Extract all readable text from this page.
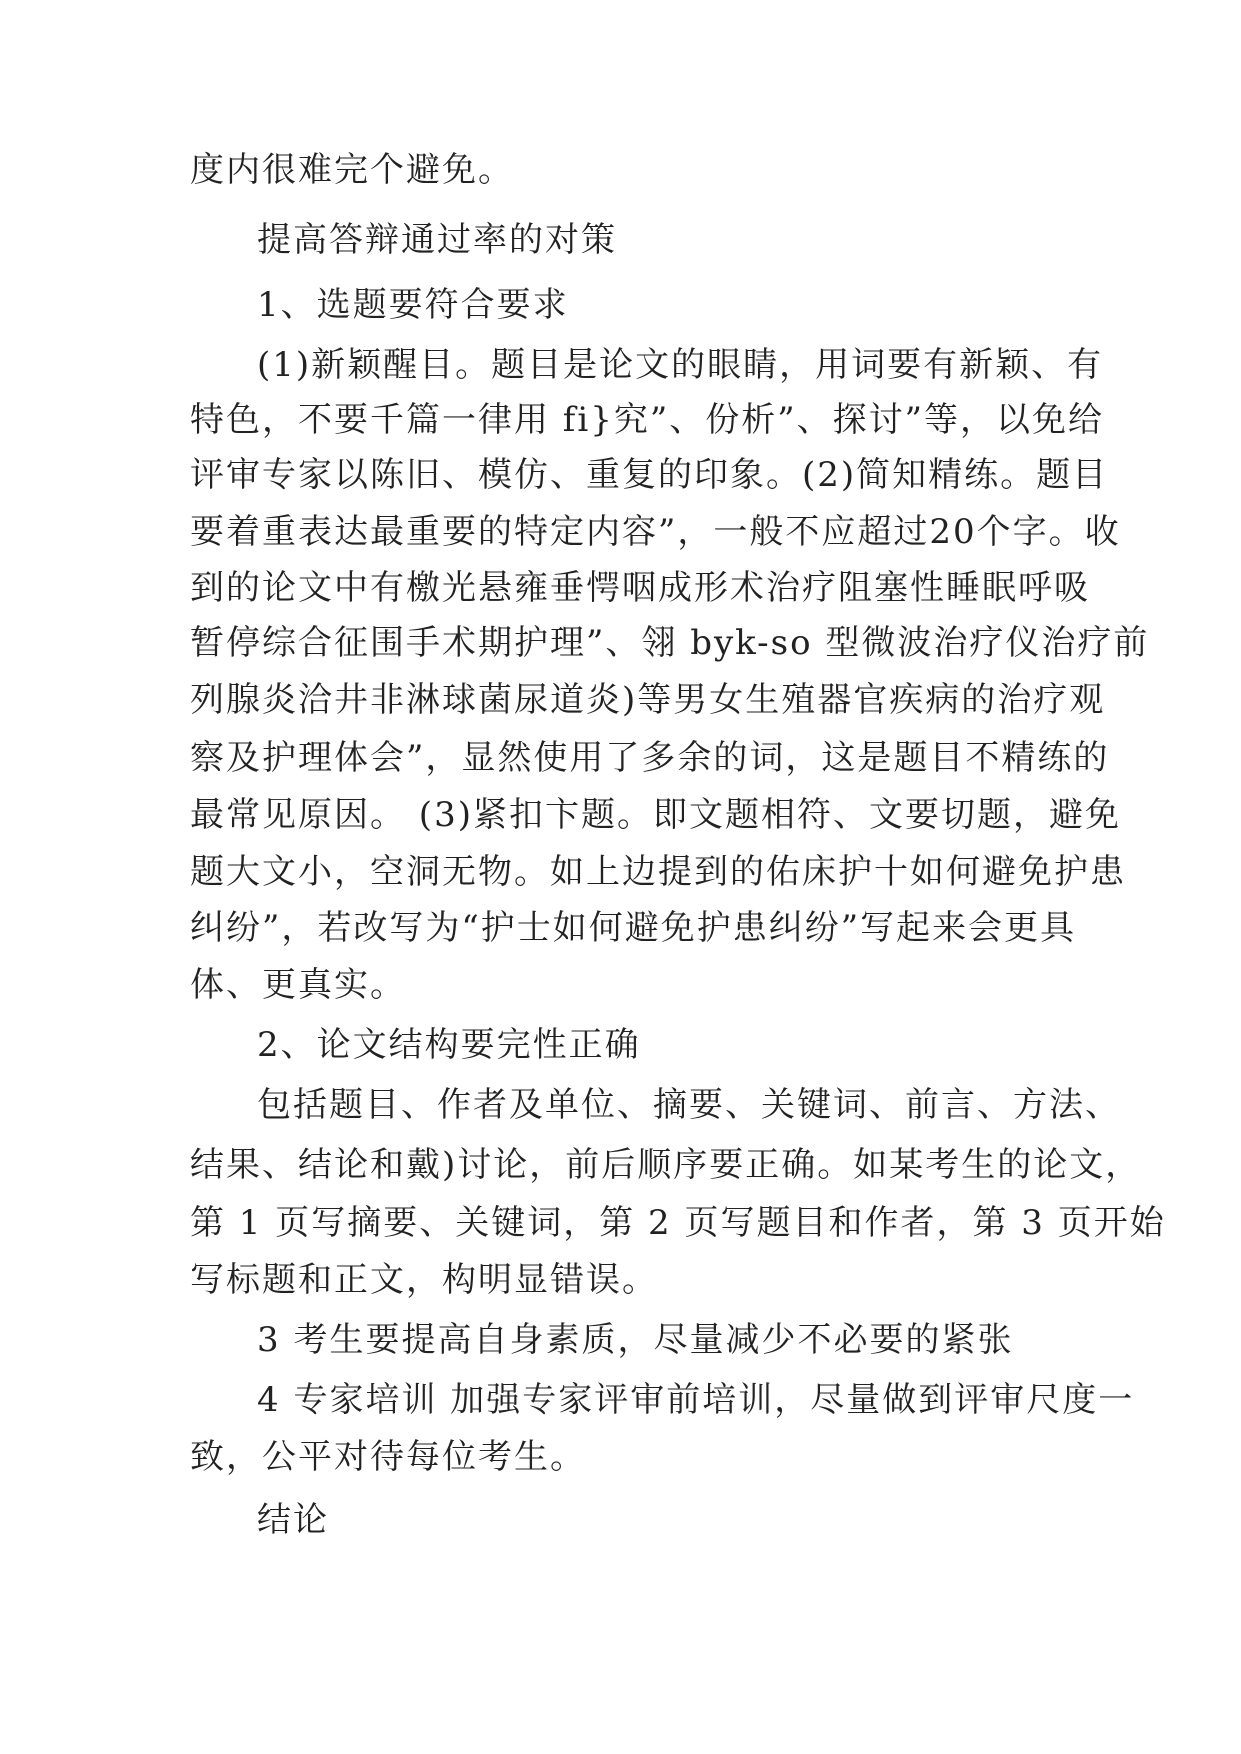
度内很难完个避免。

提高答辩通过率的对策

1、选题要符合要求

(1)新颖醒目。题目是论文的眼睛，用词要有新颖、有

特色，不要千篇一律用 fi}究”、份析”、探讨”等，以免给

评审专家以陈旧、模仿、重复的印象。(2)简知精练。题目

要着重表达最重要的特定内容”，一般不应超过20个字。收

到的论文中有檄光悬雍垂愕咽成形术治疗阻塞性睡眠呼吸

暂停综合征围手术期护理”、翎 byk-so 型微波治疗仪治疗前

列腺炎洽井非淋球菌尿道炎)等男女生殖器官疾病的治疗观

察及护理体会”，显然使用了多余的词，这是题目不精练的

最常见原因。 (3)紧扣卞题。即文题相符、文要切题，避免

题大文小，空洞无物。如上边提到的佑床护十如何避免护患

纠纷”，若改写为“护士如何避免护患纠纷”写起来会更具

体、更真实。

2、论文结构要完性正确

包括题目、作者及单位、摘要、关键词、前言、方法、

结果、结论和戴)讨论，前后顺序要正确。如某考生的论文，

第 1 页写摘要、关键词，第 2 页写题目和作者，第 3 页开始

写标题和正文，构明显错误。

3 考生要提高自身素质，尽量减少不必要的紧张

4 专家培训 加强专家评审前培训，尽量做到评审尺度一

致，公平对待每位考生。

结论
